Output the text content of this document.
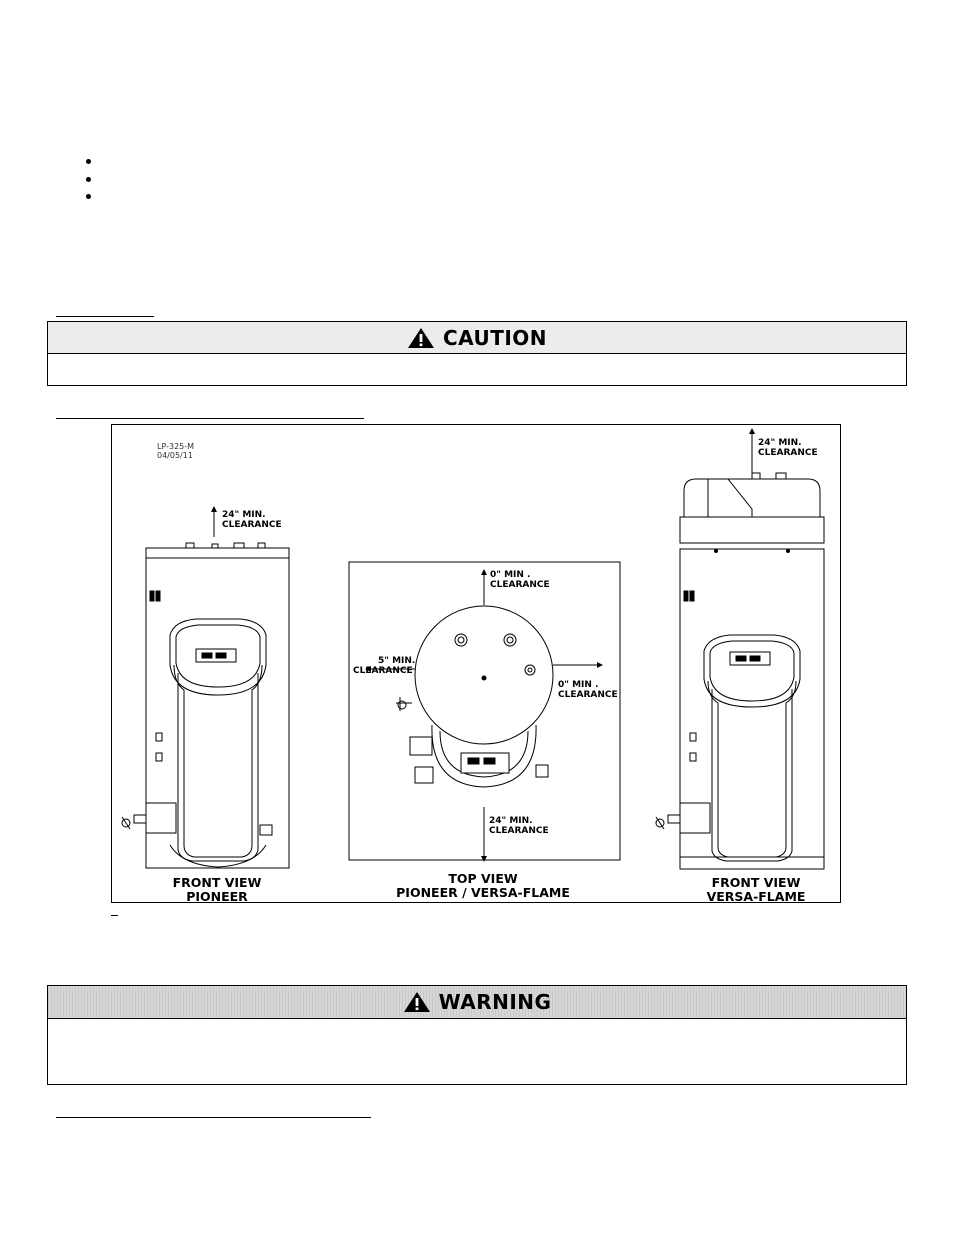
CAUTION
LP-325-M
04/05/11
24" MIN.
CLEARANCE
0" MIN .
CLEARANCE
5" MIN.
CLEARANCE
0" MIN .
CLEARANCE
24" MIN.
CLEARANCE
24" MIN.
CLEARANCE
FRONT VIEW
PIONEER
TOP VIEW
PIONEER / VERSA-FLAME
FRONT VIEW
VERSA-FLAME
WARNING
